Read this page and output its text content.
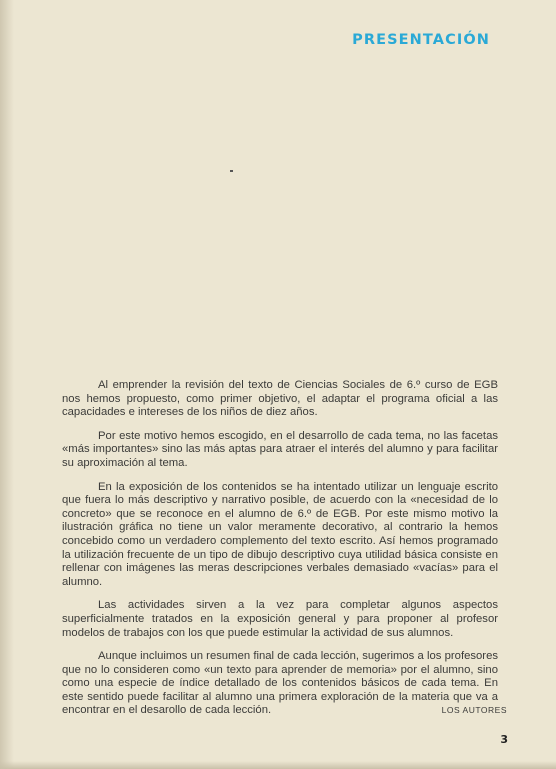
PRESENTACIÓN

Al emprender la revisión del texto de Ciencias Sociales de 6.º curso de EGB nos hemos propuesto, como primer objetivo, el adaptar el programa oficial a las capacidades e intereses de los niños de diez años.

Por este motivo hemos escogido, en el desarrollo de cada tema, no las facetas «más importantes» sino las más aptas para atraer el interés del alumno y para facilitar su aproximación al tema.

En la exposición de los contenidos se ha intentado utilizar un lenguaje escrito que fuera lo más descriptivo y narrativo posible, de acuerdo con la «necesidad de lo concreto» que se reconoce en el alumno de 6.º de EGB. Por este mismo motivo la ilustración gráfica no tiene un valor meramente decorativo, al contrario la hemos concebido como un verdadero complemento del texto escrito. Así hemos programado la utilización frecuente de un tipo de dibujo descriptivo cuya utilidad básica consiste en rellenar con imágenes las meras descripciones verbales demasiado «vacías» para el alumno.

Las actividades sirven a la vez para completar algunos aspectos superficialmente tratados en la exposición general y para proponer al profesor modelos de trabajos con los que puede estimular la actividad de sus alumnos.

Aunque incluimos un resumen final de cada lección, sugerimos a los profesores que no lo consideren como «un texto para aprender de memoria» por el alumno, sino como una especie de índice detallado de los contenidos básicos de cada tema. En este sentido puede facilitar al alumno una primera exploración de la materia que va a encontrar en el desarollo de cada lección.	LOS AUTORES
3
